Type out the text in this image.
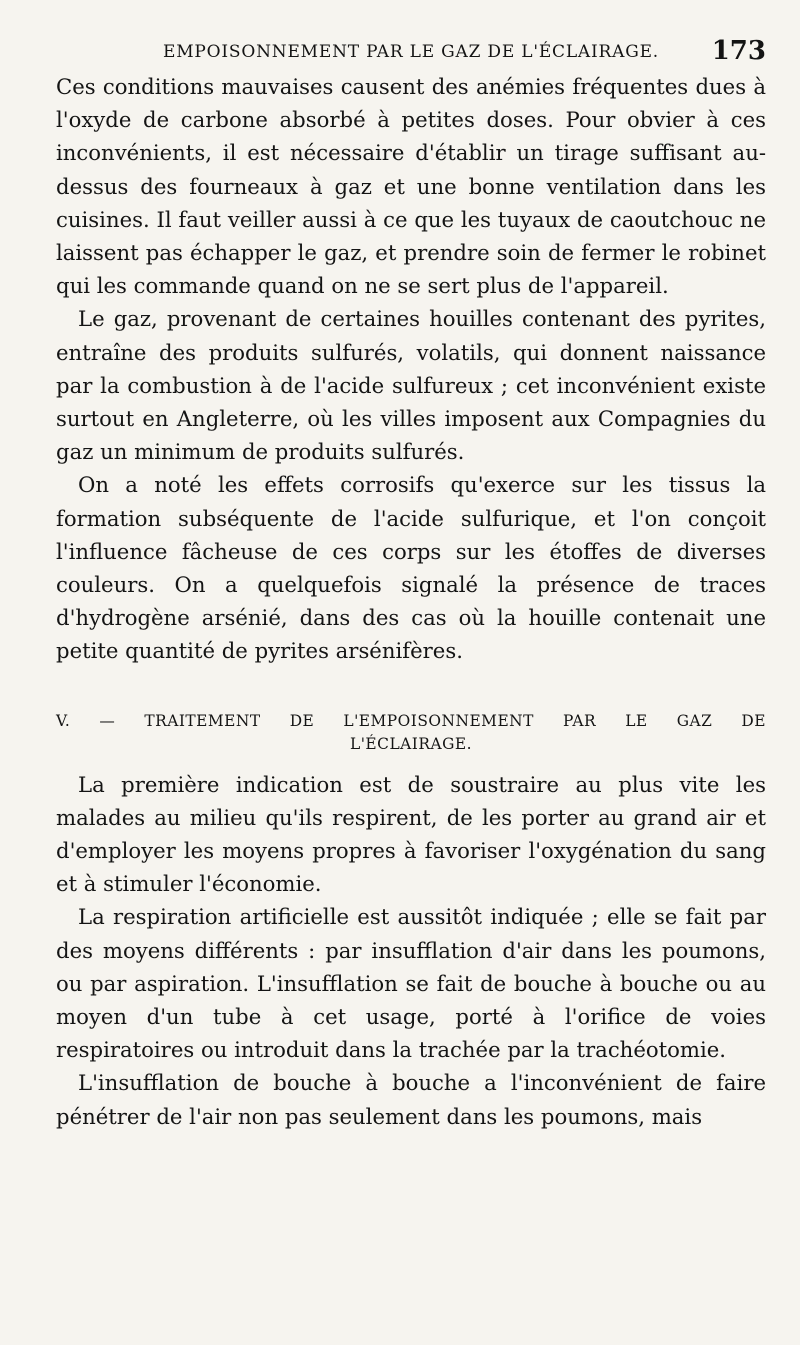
EMPOISONNEMENT PAR LE GAZ DE L'ÉCLAIRAGE. 173

Ces conditions mauvaises causent des anémies fréquentes dues à l'oxyde de carbone absorbé à petites doses. Pour obvier à ces inconvénients, il est nécessaire d'établir un tirage suffisant au-dessus des fourneaux à gaz et une bonne ventilation dans les cuisines. Il faut veiller aussi à ce que les tuyaux de caoutchouc ne laissent pas échapper le gaz, et prendre soin de fermer le robinet qui les commande quand on ne se sert plus de l'appareil.

Le gaz, provenant de certaines houilles contenant des pyrites, entraîne des produits sulfurés, volatils, qui donnent naissance par la combustion à de l'acide sulfureux ; cet inconvénient existe surtout en Angleterre, où les villes imposent aux Compagnies du gaz un minimum de produits sulfurés.

On a noté les effets corrosifs qu'exerce sur les tissus la formation subséquente de l'acide sulfurique, et l'on conçoit l'influence fâcheuse de ces corps sur les étoffes de diverses couleurs. On a quelquefois signalé la présence de traces d'hydrogène arsénié, dans des cas où la houille contenait une petite quantité de pyrites arsénifères.

V. — TRAITEMENT DE L'EMPOISONNEMENT PAR LE GAZ DE
L'ÉCLAIRAGE.

La première indication est de soustraire au plus vite les malades au milieu qu'ils respirent, de les porter au grand air et d'employer les moyens propres à favoriser l'oxygénation du sang et à stimuler l'économie.

La respiration artificielle est aussitôt indiquée ; elle se fait par des moyens différents : par insufflation d'air dans les poumons, ou par aspiration. L'insufflation se fait de bouche à bouche ou au moyen d'un tube à cet usage, porté à l'orifice de voies respiratoires ou introduit dans la trachée par la trachéotomie.

L'insufflation de bouche à bouche a l'inconvénient de faire pénétrer de l'air non pas seulement dans les poumons, mais
